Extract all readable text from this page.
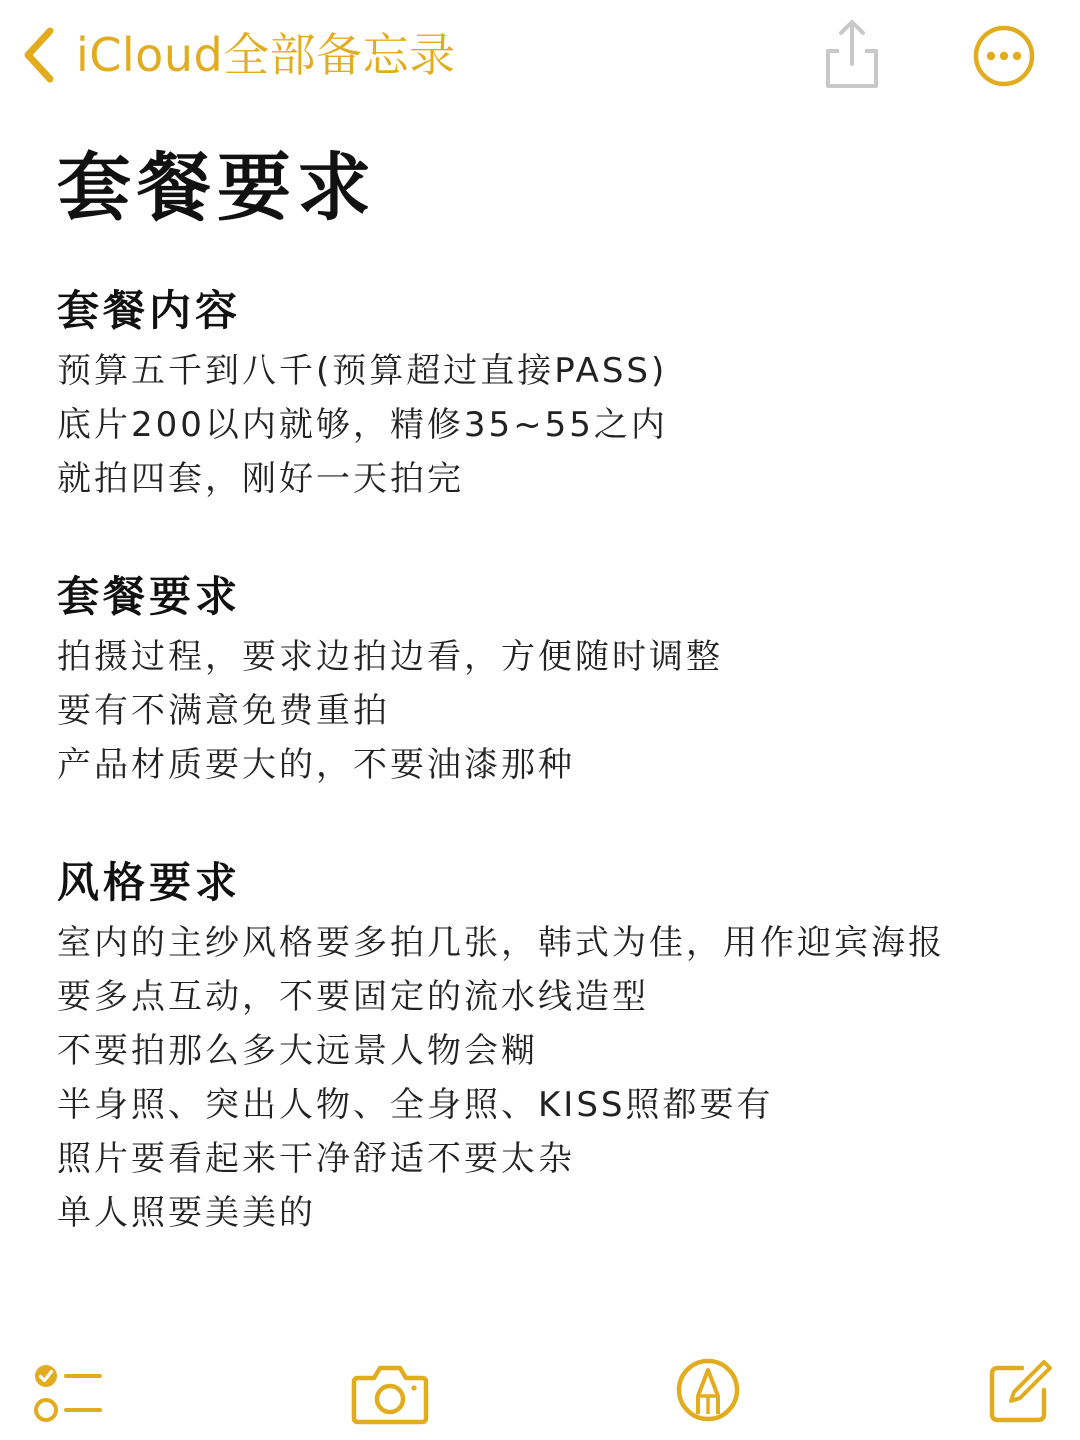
iCloud全部备忘录
套餐要求
套餐内容
预算五千到八千(预算超过直接PASS)
底片200以内就够，精修35~55之内
就拍四套，刚好一天拍完
套餐要求
拍摄过程，要求边拍边看，方便随时调整
要有不满意免费重拍
产品材质要大的，不要油漆那种
风格要求
室内的主纱风格要多拍几张，韩式为佳，用作迎宾海报
要多点互动，不要固定的流水线造型
不要拍那么多大远景人物会糊
半身照、突出人物、全身照、KISS照都要有
照片要看起来干净舒适不要太杂
单人照要美美的
